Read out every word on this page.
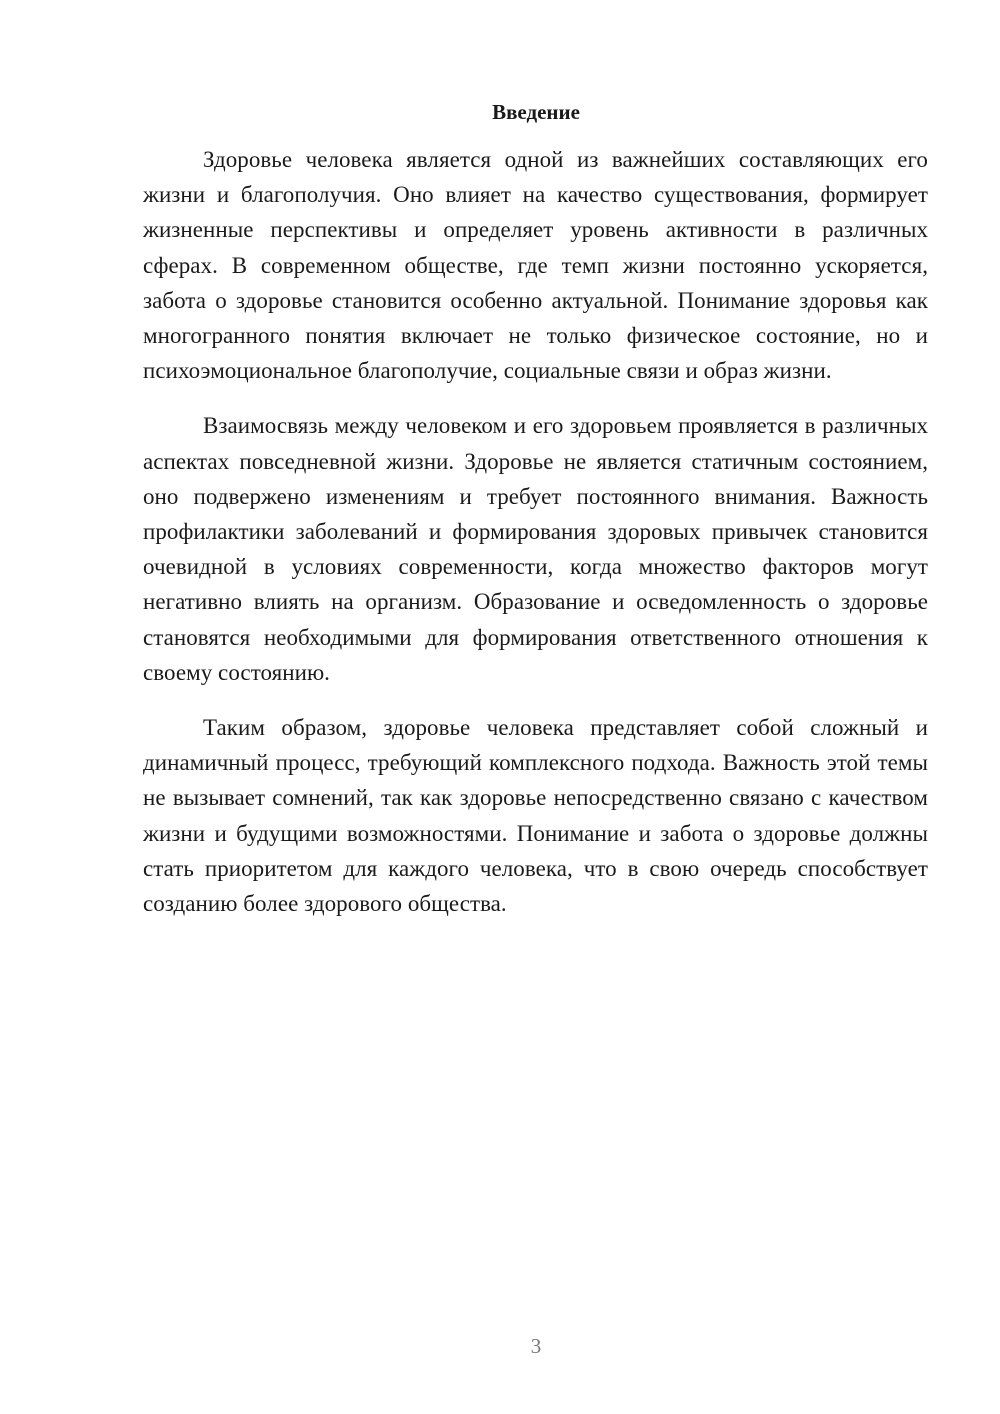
Введение

Здоровье человека является одной из важнейших составляющих его жизни и благополучия. Оно влияет на качество существования, формирует жизненные перспективы и определяет уровень активности в различных сферах. В современном обществе, где темп жизни постоянно ускоряется, забота о здоровье становится особенно актуальной. Понимание здоровья как многогранного понятия включает не только физическое состояние, но и психоэмоциональное благополучие, социальные связи и образ жизни.

Взаимосвязь между человеком и его здоровьем проявляется в различных аспектах повседневной жизни. Здоровье не является статичным состоянием, оно подвержено изменениям и требует постоянного внимания. Важность профилактики заболеваний и формирования здоровых привычек становится очевидной в условиях современности, когда множество факторов могут негативно влиять на организм. Образование и осведомленность о здоровье становятся необходимыми для формирования ответственного отношения к своему состоянию.

Таким образом, здоровье человека представляет собой сложный и динамичный процесс, требующий комплексного подхода. Важность этой темы не вызывает сомнений, так как здоровье непосредственно связано с качеством жизни и будущими возможностями. Понимание и забота о здоровье должны стать приоритетом для каждого человека, что в свою очередь способствует созданию более здорового общества.

3
